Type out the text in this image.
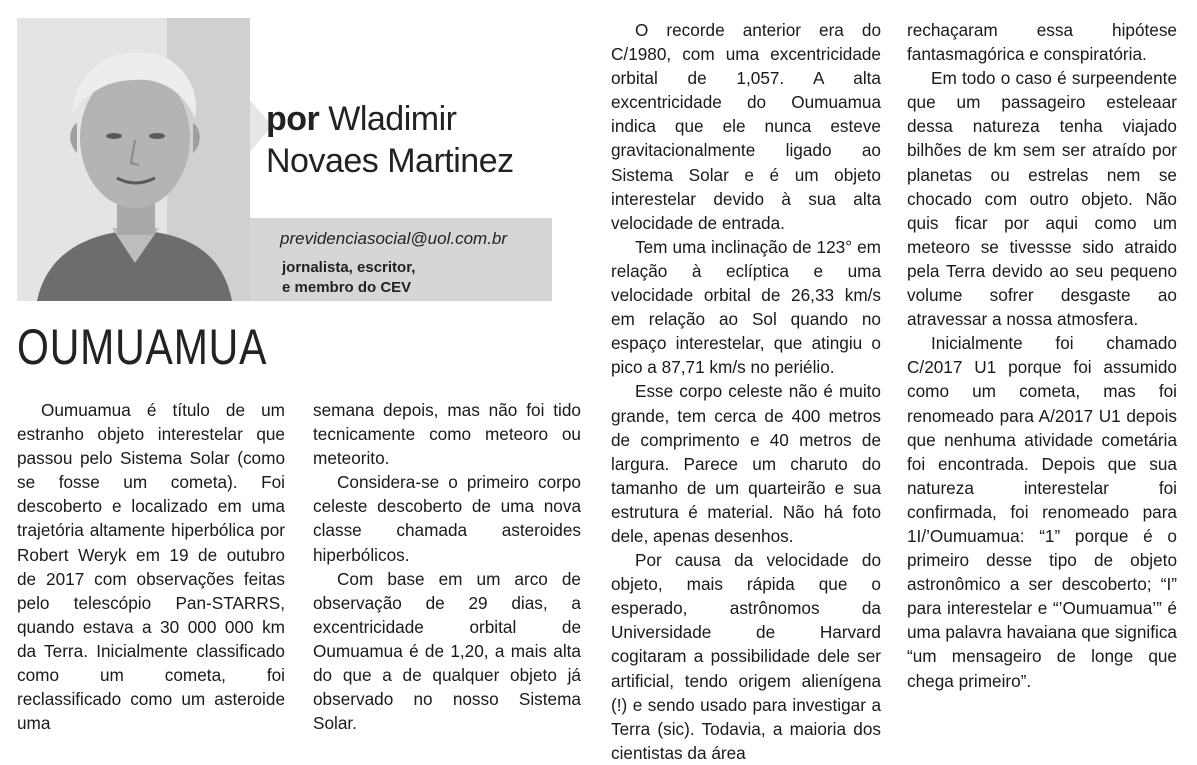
por Wladimir
Novaes Martinez
previdenciasocial@uol.com.br
jornalista, escritor,
e membro do CEV
OUMUAMUA

Oumuamua é título de um estranho objeto interestelar que passou pelo Sistema Solar (como se fosse um cometa). Foi descoberto e localizado em uma trajetória altamente hiperbólica por Robert Weryk em 19 de outubro de 2017 com observações feitas pelo telescópio Pan-STARRS, quando estava a 30 000 000 km da Terra. Inicialmente classificado como um cometa, foi reclassificado como um asteroide uma

semana depois, mas não foi tido tecnicamente como meteoro ou meteorito.

Considera-se o primeiro corpo celeste descoberto de uma nova classe chamada asteroides hiperbólicos.

Com base em um arco de observação de 29 dias, a excentricidade orbital de Oumuamua é de 1,20, a mais alta do que a de qualquer objeto já observado no nosso Sistema Solar.

O recorde anterior era do C/1980, com uma excentricidade orbital de 1,057. A alta excentricidade do Oumuamua indica que ele nunca esteve gravitacionalmente ligado ao Sistema Solar e é um objeto interestelar devido à sua alta velocidade de entrada.

Tem uma inclinação de 123° em relação à eclíptica e uma velocidade orbital de 26,33 km/s em relação ao Sol quando no espaço interestelar, que atingiu o pico a 87,71 km/s no periélio.

Esse corpo celeste não é muito grande, tem cerca de 400 metros de comprimento e 40 metros de largura. Parece um charuto do tamanho de um quarteirão e sua estrutura é material. Não há foto dele, apenas desenhos.

Por causa da velocidade do objeto, mais rápida que o esperado, astrônomos da Universidade de Harvard cogitaram a possibilidade dele ser artificial, tendo origem alienígena (!) e sendo usado para investigar a Terra (sic). Todavia, a maioria dos cientistas da área

rechaçaram essa hipótese fantasmagórica e conspiratória.

Em todo o caso é surpeendente que um passageiro esteleaar dessa natureza tenha viajado bilhões de km sem ser atraído por planetas ou estrelas nem se chocado com outro objeto. Não quis ficar por aqui como um meteoro se tivessse sido atraido pela Terra devido ao seu pequeno volume sofrer desgaste ao atravessar a nossa atmosfera.

Inicialmente foi chamado C/2017 U1 porque foi assumido como um cometa, mas foi renomeado para A/2017 U1 depois que nenhuma atividade cometária foi encontrada. Depois que sua natureza interestelar foi confirmada, foi renomeado para 1I/’Oumuamua: “1” porque é o primeiro desse tipo de objeto astronômico a ser descoberto; “I” para interestelar e “’Oumuamua’” é uma palavra havaiana que significa “um mensageiro de longe que chega primeiro”.
